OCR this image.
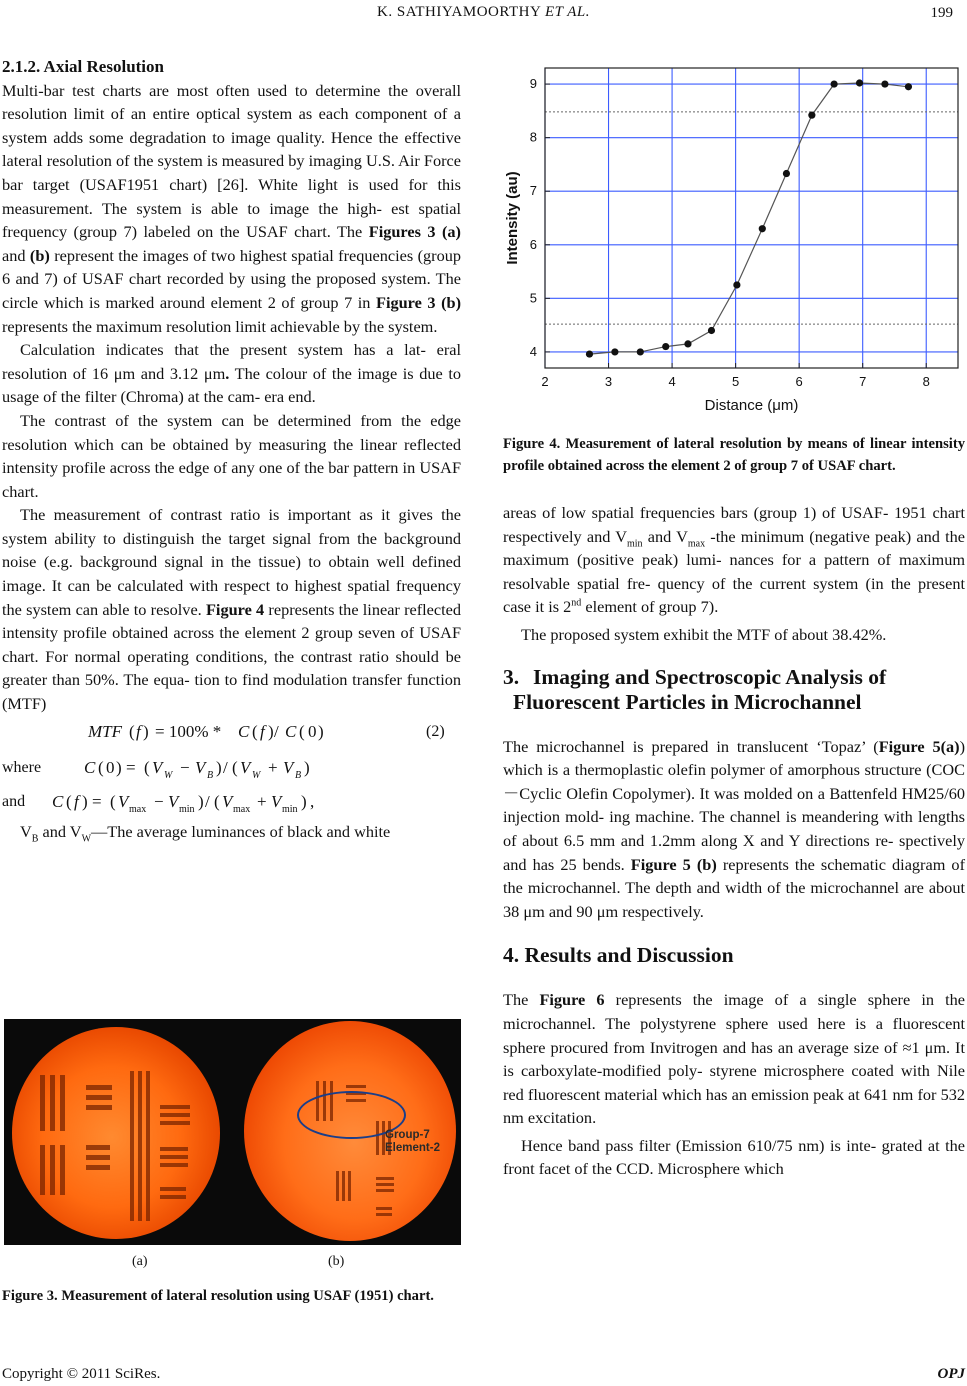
K. SATHIYAMOORTHY ET AL.	199

2.1.2. Axial Resolution

Multi-bar test charts are most often used to determine the overall resolution limit of an entire optical system as each component of a system adds some degradation to image quality. Hence the effective lateral resolution of the system is measured by imaging U.S. Air Force bar target (USAF1951 chart) [26]. White light is used for this measurement. The system is able to image the high- est spatial frequency (group 7) labeled on the USAF chart. The Figures 3 (a) and (b) represent the images of two highest spatial frequencies (group 6 and 7) of USAF chart recorded by using the proposed system. The circle which is marked around element 2 of group 7 in Figure 3 (b) represents the maximum resolution limit achievable by the system.

Calculation indicates that the present system has a lat- eral resolution of 16 μm and 3.12 μm. The colour of the image is due to usage of the filter (Chroma) at the cam- era end.

The contrast of the system can be determined from the edge resolution which can be obtained by measuring the linear reflected intensity profile across the edge of any one of the bar pattern in USAF chart.

The measurement of contrast ratio is important as it gives the system ability to distinguish the target signal from the background noise (e.g. background signal in the tissue) to obtain well defined image. It can be calculated with respect to highest spatial frequency the system can able to resolve. Figure 4 represents the linear reflected intensity profile obtained across the element 2 group seven of USAF chart. For normal operating conditions, the contrast ratio should be greater than 50%. The equa- tion to find modulation transfer function (MTF)

MTF ( f ) = 100% * C ( f ) / C ( 0 )	(2)
where	C ( 0 ) = ( V W − V B ) / ( V W + V B )
and C ( f ) = ( V max − V min ) / ( V max + V min ) ,

$V_B$ and $V_W—The$ average luminances of black and white

Group-7
Element-2
(a)	(b)
Figure 3. Measurement of lateral resolution using USAF (1951) chart.
2	3	4	5	6	7	8
4
5
6
7
8
9
Distance (μm)
Intensity (au)
Figure 4. Measurement of lateral resolution by means of linear intensity profile obtained across the element 2 of group 7 of USAF chart.

areas of low spatial frequencies bars (group 1) of USAF- 1951 chart respectively and $V_{min}$ and $V_{max}$ -the minimum (negative peak) and the maximum (positive peak) lumi- nances for a pattern of maximum resolvable spatial fre- quency of the current system (in the present case it is 2nd element of group 7).

The proposed system exhibit the MTF of about 38.42%.

3. Imaging and Spectroscopic Analysis of
Fluorescent Particles in Microchannel

The microchannel is prepared in translucent ‘Topaz’ (Figure 5(a)) which is a thermoplastic olefin polymer of amorphous structure (COC－Cyclic Olefin Copolymer). It was molded on a Battenfeld HM25/60 injection mold- ing machine. The channel is meandering with lengths of about 6.5 mm and 1.2mm along X and Y directions re- spectively and has 25 bends. Figure 5 (b) represents the schematic diagram of the microchannel. The depth and width of the microchannel are about 38 μm and 90 μm respectively.

4. Results and Discussion

The Figure 6 represents the image of a single sphere in the microchannel. The polystyrene sphere used here is a fluorescent sphere procured from Invitrogen and has an average size of ≈1 μm. It is carboxylate-modified poly- styrene microsphere coated with Nile red fluorescent material which has an emission peak at 641 nm for 532 nm excitation.

Hence band pass filter (Emission 610/75 nm) is inte- grated at the front facet of the CCD. Microsphere which

Copyright © 2011 SciRes.	OPJ
